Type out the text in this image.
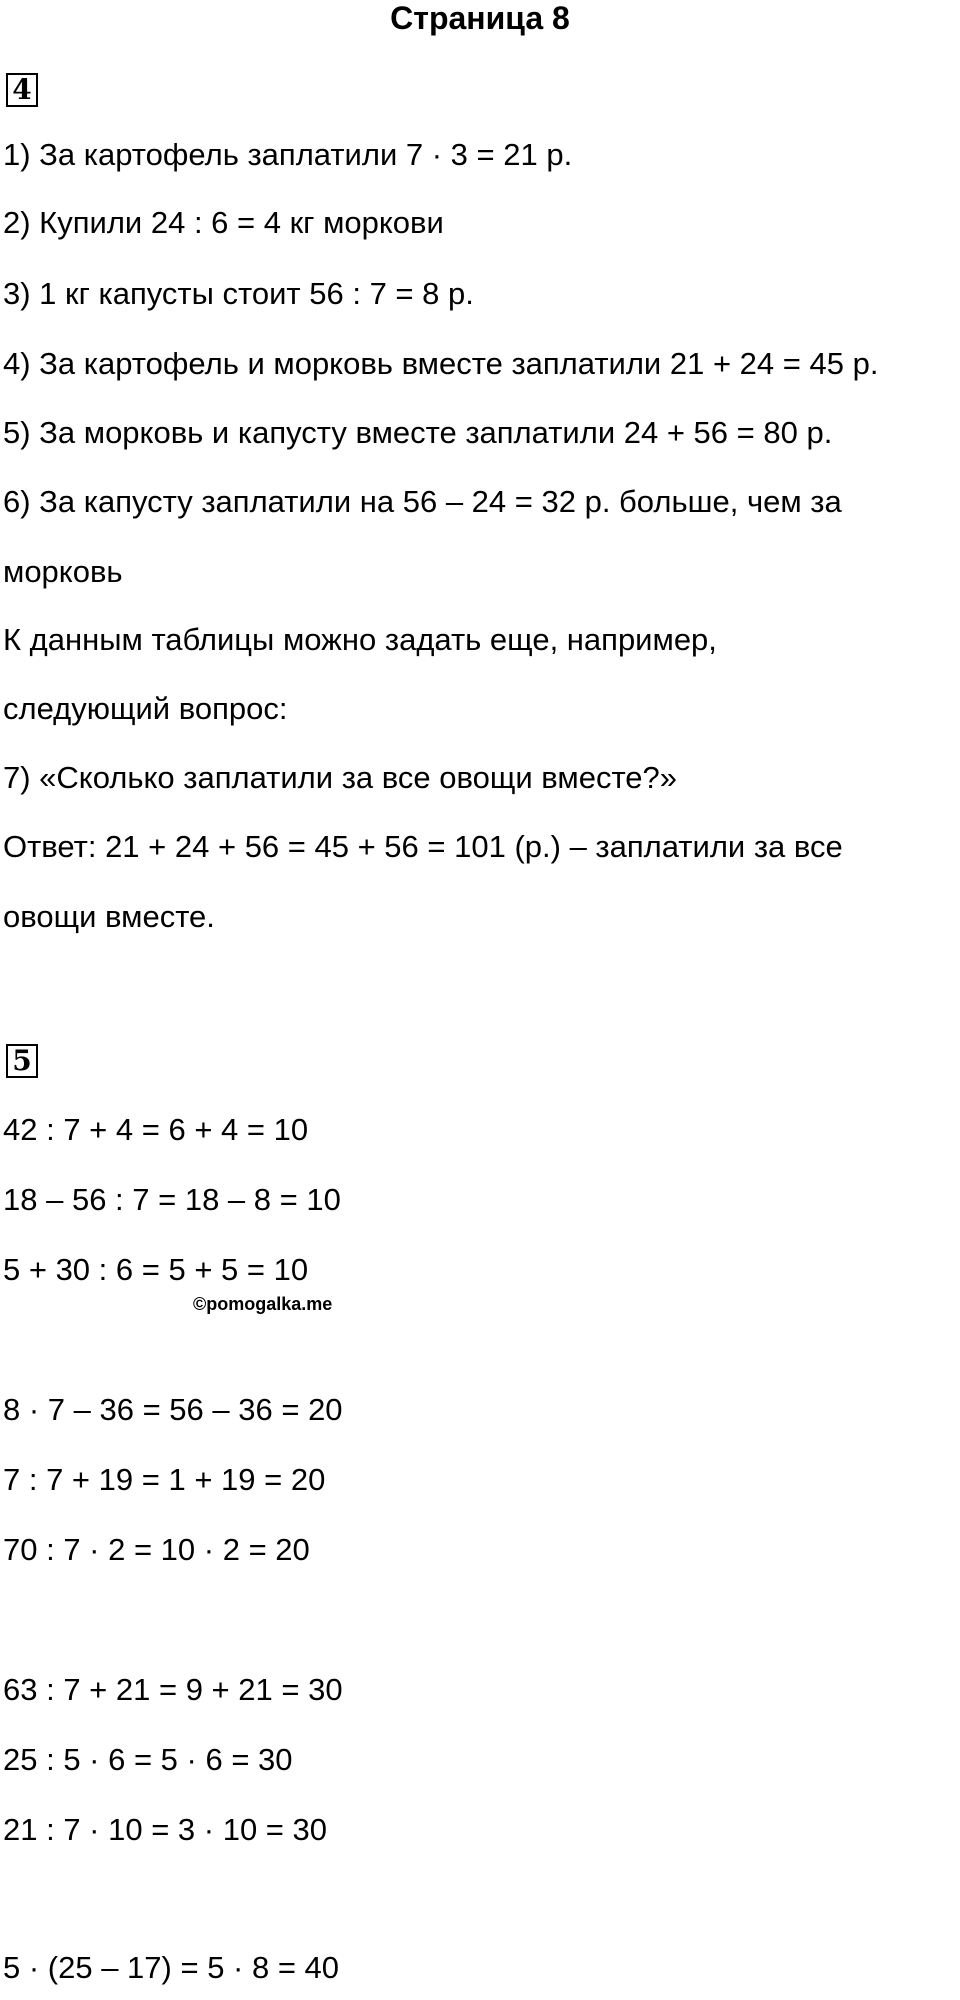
Страница 8
4
1) За картофель заплатили 7 · 3 = 21 р.
2) Купили 24 : 6 = 4 кг моркови
3) 1 кг капусты стоит 56 : 7 = 8 р.
4) За картофель и морковь вместе заплатили 21 + 24 = 45 р.
5) За морковь и капусту вместе заплатили 24 + 56 = 80 р.
6) За капусту заплатили на 56 – 24 = 32 р. больше, чем за
морковь
К данным таблицы можно задать еще, например,
следующий вопрос:
7) «Сколько заплатили за все овощи вместе?»
Ответ: 21 + 24 + 56 = 45 + 56 = 101 (р.) – заплатили за все
овощи вместе.
5
42 : 7 + 4 = 6 + 4 = 10
18 – 56 : 7 = 18 – 8 = 10
5 + 30 : 6 = 5 + 5 = 10
©pomogalka.me
8 · 7 – 36 = 56 – 36 = 20
7 : 7 + 19 = 1 + 19 = 20
70 : 7 · 2 = 10 · 2 = 20
63 : 7 + 21 = 9 + 21 = 30
25 : 5 · 6 = 5 · 6 = 30
21 : 7 · 10 = 3 · 10 = 30
5 · (25 – 17) = 5 · 8 = 40
